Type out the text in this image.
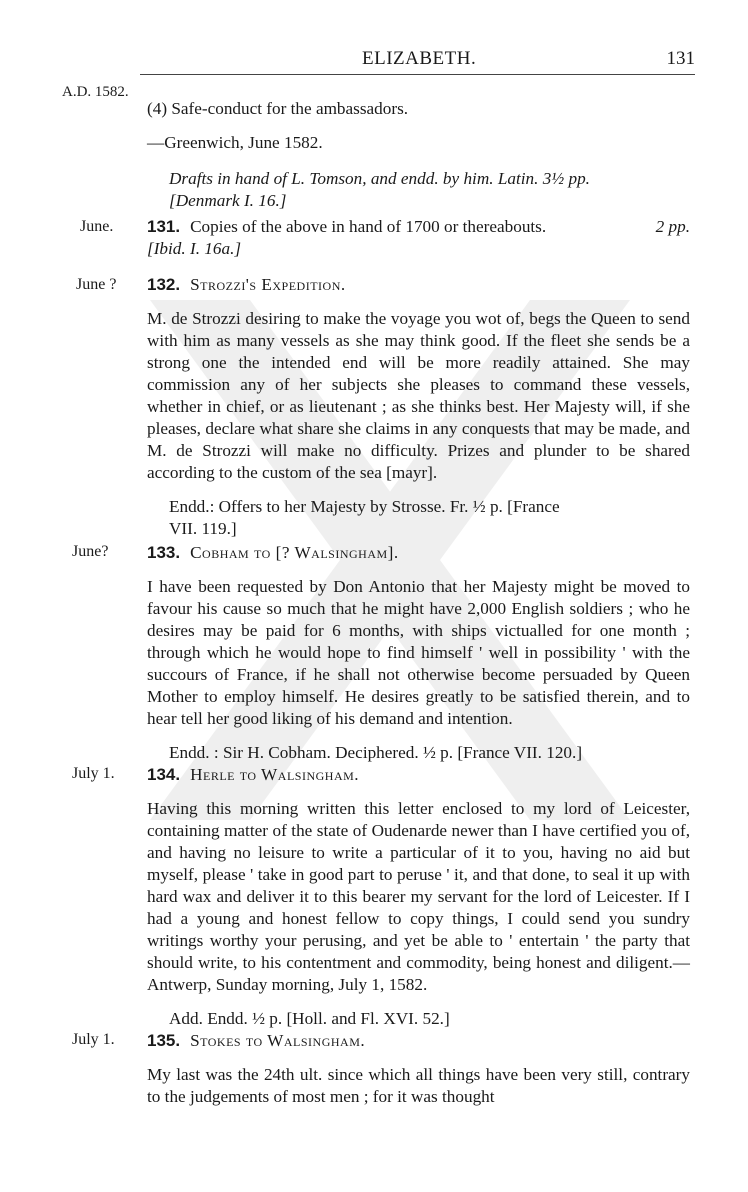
ELIZABETH.	131
A.D. 1582.
June.
June ?
June?
July 1.
July 1.

(4) Safe-conduct for the ambassadors.

—Greenwich, June 1582.

Drafts in hand of L. Tomson, and endd. by him. Latin. 3½ pp.
[Denmark I. 16.]

131. Copies of the above in hand of 1700 or thereabouts.	2 pp.

[Ibid. I. 16a.]

132. Strozzi's Expedition.

M. de Strozzi desiring to make the voyage you wot of, begs the Queen to send with him as many vessels as she may think good. If the fleet she sends be a strong one the intended end will be more readily attained. She may commission any of her subjects she pleases to command these vessels, whether in chief, or as lieutenant ; as she thinks best. Her Majesty will, if she pleases, declare what share she claims in any conquests that may be made, and M. de Strozzi will make no difficulty. Prizes and plunder to be shared according to the custom of the sea [mayr].

Endd.: Offers to her Majesty by Strosse. Fr. ½ p. [France
VII. 119.]

133. Cobham to [? Walsingham].

I have been requested by Don Antonio that her Majesty might be moved to favour his cause so much that he might have 2,000 English soldiers ; who he desires may be paid for 6 months, with ships victualled for one month ; through which he would hope to find himself ' well in possibility ' with the succours of France, if he shall not otherwise become persuaded by Queen Mother to employ himself. He desires greatly to be satisfied therein, and to hear tell her good liking of his demand and intention.

Endd. : Sir H. Cobham. Deciphered. ½ p. [France VII. 120.]

134. Herle to Walsingham.

Having this morning written this letter enclosed to my lord of Leicester, containing matter of the state of Oudenarde newer than I have certified you of, and having no leisure to write a particular of it to you, having no aid but myself, please ' take in good part to peruse ' it, and that done, to seal it up with hard wax and deliver it to this bearer my servant for the lord of Leicester. If I had a young and honest fellow to copy things, I could send you sundry writings worthy your perusing, and yet be able to ' entertain ' the party that should write, to his contentment and commodity, being honest and diligent.—Antwerp, Sunday morning, July 1, 1582.

Add. Endd. ½ p. [Holl. and Fl. XVI. 52.]

135. Stokes to Walsingham.

My last was the 24th ult. since which all things have been very still, contrary to the judgements of most men ; for it was thought
